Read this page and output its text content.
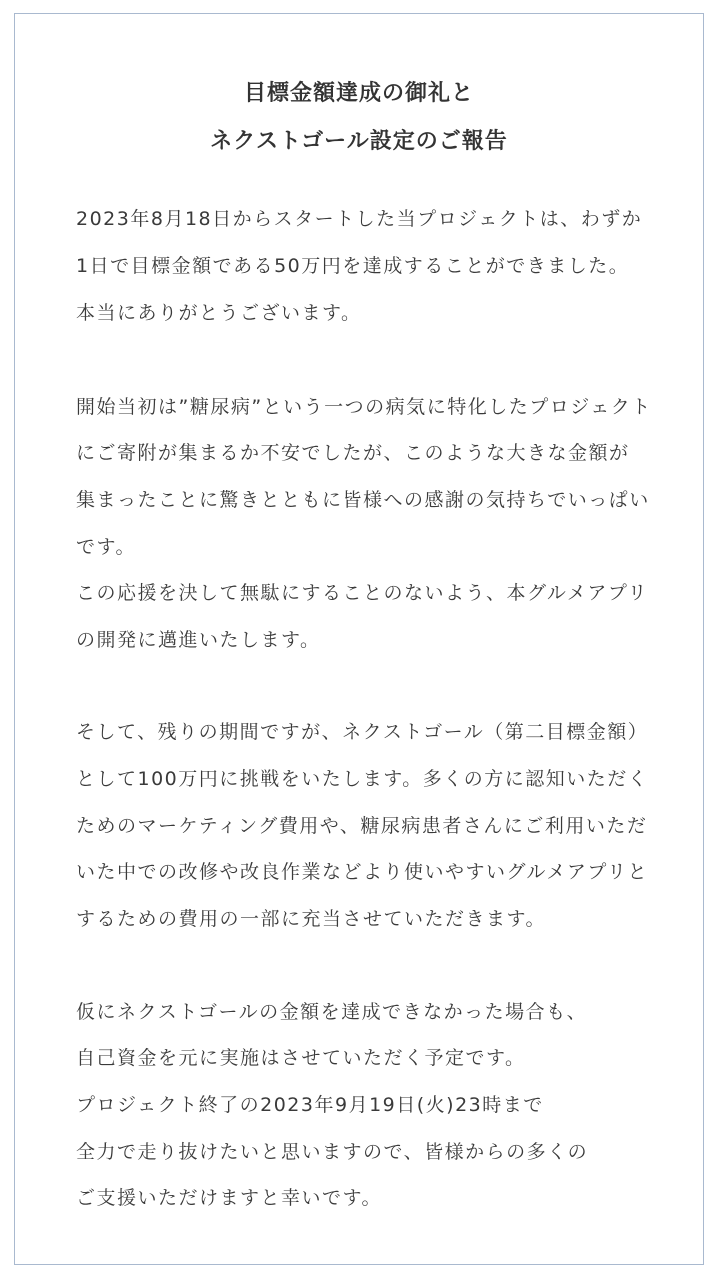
目標金額達成の御礼と
ネクストゴール設定のご報告
2023年8月18日からスタートした当プロジェクトは、わずか
1日で目標金額である50万円を達成することができました。
本当にありがとうございます。
開始当初は”糖尿病”という一つの病気に特化したプロジェクト
にご寄附が集まるか不安でしたが、このような大きな金額が
集まったことに驚きとともに皆様への感謝の気持ちでいっぱい
です。
この応援を決して無駄にすることのないよう、本グルメアプリ
の開発に邁進いたします。
そして、残りの期間ですが、ネクストゴール（第二目標金額）
として100万円に挑戦をいたします。多くの方に認知いただく
ためのマーケティング費用や、糖尿病患者さんにご利用いただ
いた中での改修や改良作業などより使いやすいグルメアプリと
するための費用の一部に充当させていただきます。
仮にネクストゴールの金額を達成できなかった場合も、
自己資金を元に実施はさせていただく予定です。
プロジェクト終了の2023年9月19日(火)23時まで
全力で走り抜けたいと思いますので、皆様からの多くの
ご支援いただけますと幸いです。
